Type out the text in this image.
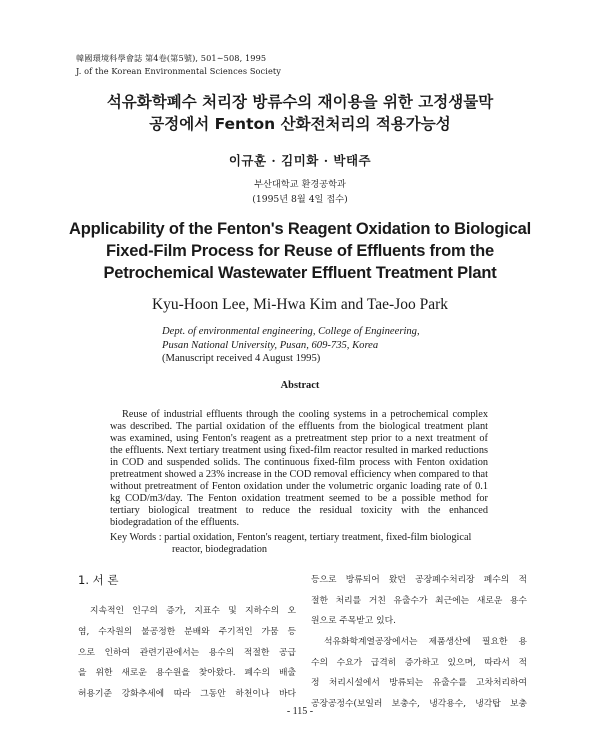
韓國環境科學會誌 第4卷(第5號), 501∼508, 1995
J. of the Korean Environmental Sciences Society
석유화학폐수 처리장 방류수의 재이용을 위한 고정생물막
공정에서 Fenton 산화전처리의 적용가능성
이규훈 · 김미화 · 박태주
부산대학교 환경공학과
(1995년 8월 4일 접수)
Applicability of the Fenton's Reagent Oxidation to Biological
Fixed-Film Process for Reuse of Effluents from the
Petrochemical Wastewater Effluent Treatment Plant
Kyu-Hoon Lee, Mi-Hwa Kim and Tae-Joo Park
Dept. of environmental engineering, College of Engineering,
Pusan National University, Pusan, 609-735, Korea
(Manuscript received 4 August 1995)
Abstract
Reuse of industrial effluents through the cooling systems in a petrochemical complex
was described. The partial oxidation of the effluents from the biological treatment plant
was examined, using Fenton's reagent as a pretreatment step prior to a next treatment of
the effluents. Next tertiary treatment using fixed-film reactor resulted in marked reductions
in COD and suspended solids. The continuous fixed-film process with Fenton oxidation
pretreatment showed a 23% increase in the COD removal efficiency when compared to that
without pretreatment of Fenton oxidation under the volumetric organic loading rate of 0.1
kg COD/m3/day. The Fenton oxidation treatment seemed to be a possible method for
tertiary biological treatment to reduce the residual toxicity with the enhanced
biodegradation of the effluents.
Key Words : partial oxidation, Fenton's reagent, tertiary treatment, fixed-film biological
reactor, biodegradation
1. 서 론
지속적인 인구의 증가, 지표수 및 지하수의 오
염, 수자원의 불공정한 분배와 주기적인 가뭄 등
으로 인하여 관련기관에서는 용수의 적절한 공급
을 위한 새로운 용수원을 찾아왔다. 폐수의 배출
허용기준 강화추세에 따라 그동안 하천이나 바다
등으로 방류되어 왔던 공장폐수처리장 폐수의 적
절한 처리를 거친 유출수가 최근에는 새로운 용수
원으로 주목받고 있다.
석유화학계열공장에서는 제품생산에 필요한 용
수의 수요가 급격히 증가하고 있으며, 따라서 적
정 처리시설에서 방류되는 유출수를 고차처리하여
공장공정수(보일러 보충수, 냉각용수, 냉각탑 보충
- 115 -
